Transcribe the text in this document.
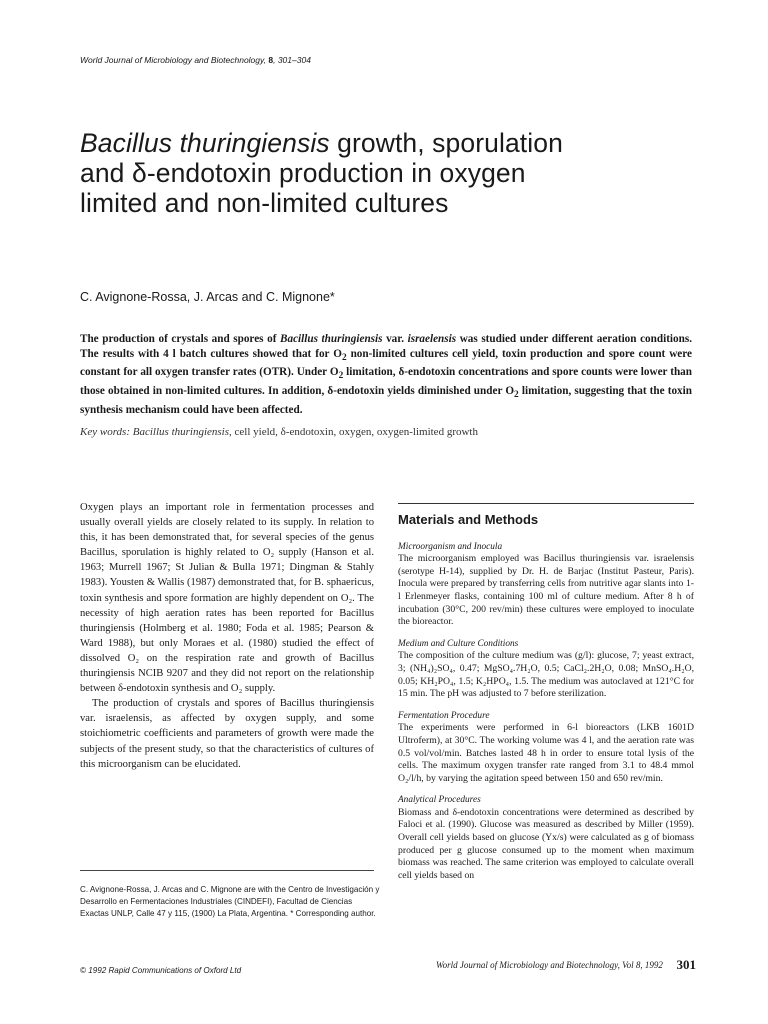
World Journal of Microbiology and Biotechnology, 8, 301–304
Bacillus thuringiensis growth, sporulation
and δ-endotoxin production in oxygen
limited and non-limited cultures
C. Avignone-Rossa, J. Arcas and C. Mignone*
The production of crystals and spores of Bacillus thuringiensis var. israelensis was studied under different aeration conditions. The results with 4 l batch cultures showed that for $O_2$ non-limited cultures cell yield, toxin production and spore count were constant for all oxygen transfer rates (OTR). Under $O_2$ limitation, δ-endotoxin concentrations and spore counts were lower than those obtained in non-limited cultures. In addition, δ-endotoxin yields diminished under $O_2$ limitation, suggesting that the toxin synthesis mechanism could have been affected.
Key words: Bacillus thuringiensis, cell yield, δ-endotoxin, oxygen, oxygen-limited growth

Oxygen plays an important role in fermentation processes and usually overall yields are closely related to its supply. In relation to this, it has been demonstrated that, for several species of the genus Bacillus, sporulation is highly related to O₂ supply (Hanson et al. 1963; Murrell 1967; St Julian & Bulla 1971; Dingman & Stahly 1983). Yousten & Wallis (1987) demonstrated that, for B. sphaericus, toxin synthesis and spore formation are highly dependent on O₂. The necessity of high aeration rates has been reported for Bacillus thuringiensis (Holmberg et al. 1980; Foda et al. 1985; Pearson & Ward 1988), but only Moraes et al. (1980) studied the effect of dissolved O₂ on the respiration rate and growth of Bacillus thuringiensis NCIB 9207 and they did not report on the relationship between δ-endotoxin synthesis and O₂ supply.

The production of crystals and spores of Bacillus thuringiensis var. israelensis, as affected by oxygen supply, and some stoichiometric coefficients and parameters of growth were made the subjects of the present study, so that the characteristics of cultures of this microorganism can be elucidated.

C. Avignone-Rossa, J. Arcas and C. Mignone are with the Centro de Investigación y Desarrollo en Fermentaciones Industriales (CINDEFI), Facultad de Ciencias Exactas UNLP, Calle 47 y 115, (1900) La Plata, Argentina. * Corresponding author.
© 1992 Rapid Communications of Oxford Ltd
Materials and Methods
Microorganism and Inocula
The microorganism employed was Bacillus thuringiensis var. israelensis (serotype H-14), supplied by Dr. H. de Barjac (Institut Pasteur, Paris). Inocula were prepared by transferring cells from nutritive agar slants into 1-l Erlenmeyer flasks, containing 100 ml of culture medium. After 8 h of incubation (30°C, 200 rev/min) these cultures were employed to inoculate the bioreactor.
Medium and Culture Conditions
The composition of the culture medium was (g/l): glucose, 7; yeast extract, 3; (NH₄)₂SO₄, 0.47; MgSO₄.7H₂O, 0.5; CaCl₂.2H₂O, 0.08; MnSO₄.H₂O, 0.05; KH₂PO₄, 1.5; K₂HPO₄, 1.5. The medium was autoclaved at 121°C for 15 min. The pH was adjusted to 7 before sterilization.
Fermentation Procedure
The experiments were performed in 6-l bioreactors (LKB 1601D Ultroferm), at 30°C. The working volume was 4 l, and the aeration rate was 0.5 vol/vol/min. Batches lasted 48 h in order to ensure total lysis of the cells. The maximum oxygen transfer rate ranged from 3.1 to 48.4 mmol O₂/l/h, by varying the agitation speed between 150 and 650 rev/min.
Analytical Procedures
Biomass and δ-endotoxin concentrations were determined as described by Faloci et al. (1990). Glucose was measured as described by Miller (1959). Overall cell yields based on glucose (Yx/s) were calculated as g of biomass produced per g glucose consumed up to the moment when maximum biomass was reached. The same criterion was employed to calculate overall cell yields based on
World Journal of Microbiology and Biotechnology, Vol 8, 1992 301
